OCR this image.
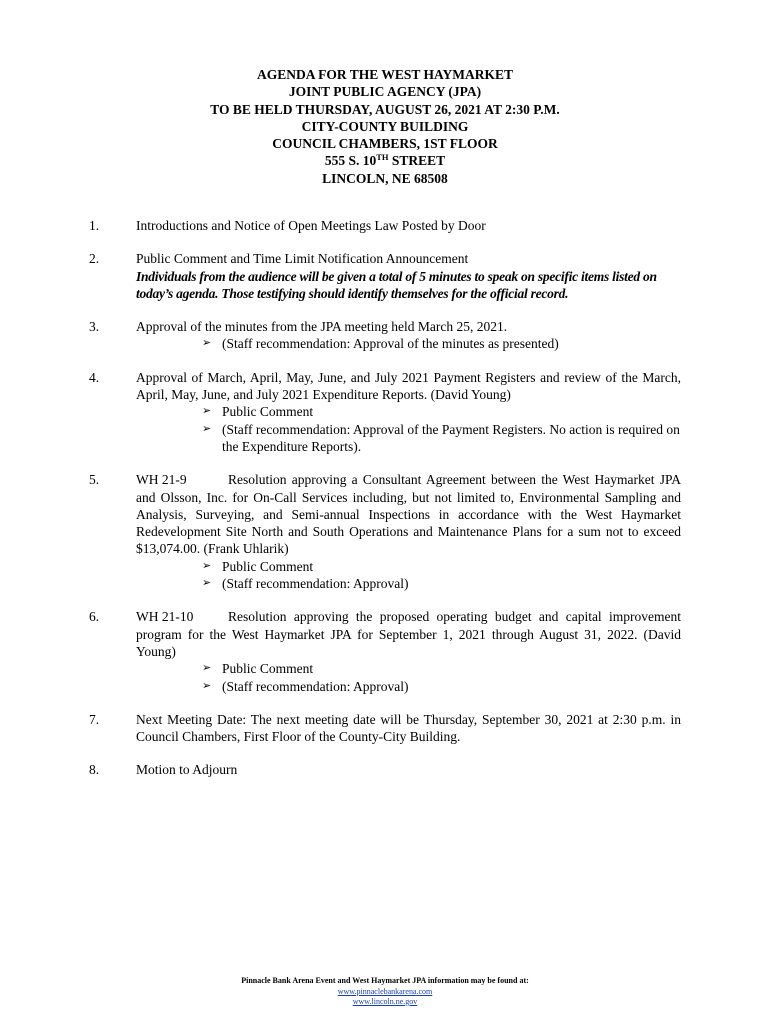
AGENDA FOR THE WEST HAYMARKET
JOINT PUBLIC AGENCY (JPA)
TO BE HELD THURSDAY, AUGUST 26, 2021 AT 2:30 P.M.
CITY-COUNTY BUILDING
COUNCIL CHAMBERS, 1ST FLOOR
555 S. 10TH STREET
LINCOLN, NE 68508
1.	Introductions and Notice of Open Meetings Law Posted by Door

2.	Public Comment and Time Limit Notification Announcement

Individuals from the audience will be given a total of 5 minutes to speak on specific items listed on today’s agenda. Those testifying should identify themselves for the official record.

3.	Approval of the minutes from the JPA meeting held March 25, 2021.

➢ (Staff recommendation: Approval of the minutes as presented)
4.	Approval of March, April, May, June, and July 2021 Payment Registers and review of the March, April, May, June, and July 2021 Expenditure Reports. (David Young)

➢ Public Comment
➢ (Staff recommendation: Approval of the Payment Registers. No action is required on the Expenditure Reports).
5.	WH 21-9	Resolution approving a Consultant Agreement between the West Haymarket JPA and Olsson, Inc. for On-Call Services including, but not limited to, Environmental Sampling and Analysis, Surveying, and Semi-annual Inspections in accordance with the West Haymarket Redevelopment Site North and South Operations and Maintenance Plans for a sum not to exceed $13,074.00. (Frank Uhlarik)

➢ Public Comment
➢ (Staff recommendation: Approval)
6.	WH 21-10	Resolution approving the proposed operating budget and capital improvement program for the West Haymarket JPA for September 1, 2021 through August 31, 2022. (David Young)

➢ Public Comment
➢ (Staff recommendation: Approval)
7.	Next Meeting Date: The next meeting date will be Thursday, September 30, 2021 at 2:30 p.m. in Council Chambers, First Floor of the County-City Building.

8.	Motion to Adjourn

Pinnacle Bank Arena Event and West Haymarket JPA information may be found at:
www.pinnaclebankarena.com
www.lincoln.ne.gov
